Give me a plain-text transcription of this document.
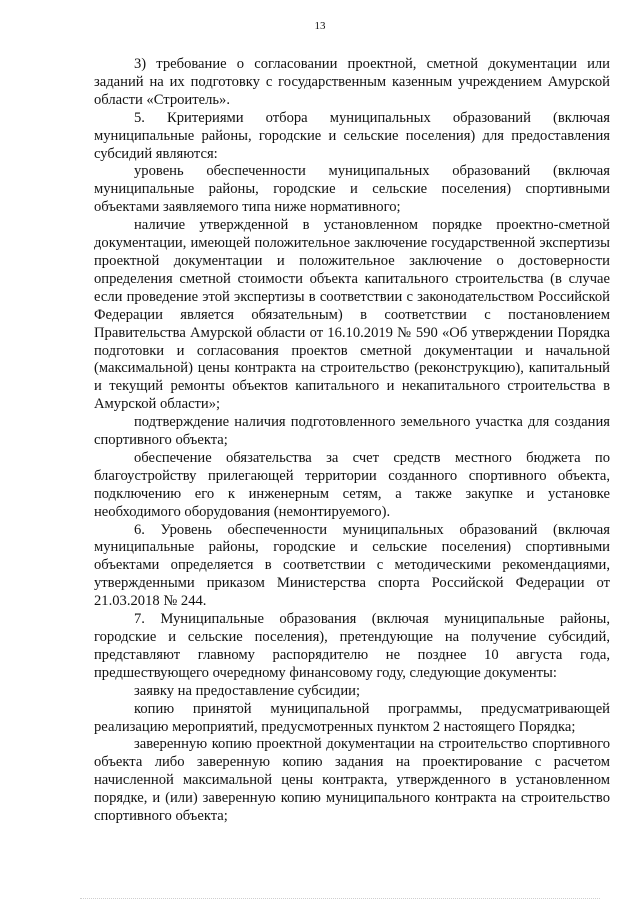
13

3) требование о согласовании проектной, сметной документации или заданий на их подготовку с государственным казенным учреждением Амурской области «Строитель».

5. Критериями отбора муниципальных образований (включая муниципальные районы, городские и сельские поселения) для предоставления субсидий являются:

уровень обеспеченности муниципальных образований (включая муниципальные районы, городские и сельские поселения) спортивными объектами заявляемого типа ниже нормативного;

наличие утвержденной в установленном порядке проектно-сметной документации, имеющей положительное заключение государственной экспертизы проектной документации и положительное заключение о достоверности определения сметной стоимости объекта капитального строительства (в случае если проведение этой экспертизы в соответствии с законодательством Российской Федерации является обязательным) в соответствии с постановлением Правительства Амурской области от 16.10.2019 № 590 «Об утверждении Порядка подготовки и согласования проектов сметной документации и начальной (максимальной) цены контракта на строительство (реконструкцию), капитальный и текущий ремонты объектов капитального и некапитального строительства в Амурской области»;

подтверждение наличия подготовленного земельного участка для создания спортивного объекта;

обеспечение обязательства за счет средств местного бюджета по благоустройству прилегающей территории созданного спортивного объекта, подключению его к инженерным сетям, а также закупке и установке необходимого оборудования (немонтируемого).

6. Уровень обеспеченности муниципальных образований (включая муниципальные районы, городские и сельские поселения) спортивными объектами определяется в соответствии с методическими рекомендациями, утвержденными приказом Министерства спорта Российской Федерации от 21.03.2018 № 244.

7. Муниципальные образования (включая муниципальные районы, городские и сельские поселения), претендующие на получение субсидий, представляют главному распорядителю не позднее 10 августа года, предшествующего очередному финансовому году, следующие документы:

заявку на предоставление субсидии;

копию принятой муниципальной программы, предусматривающей реализацию мероприятий, предусмотренных пунктом 2 настоящего Порядка;

заверенную копию проектной документации на строительство спортивного объекта либо заверенную копию задания на проектирование с расчетом начисленной максимальной цены контракта, утвержденного в установленном порядке, и (или) заверенную копию муниципального контракта на строительство спортивного объекта;
